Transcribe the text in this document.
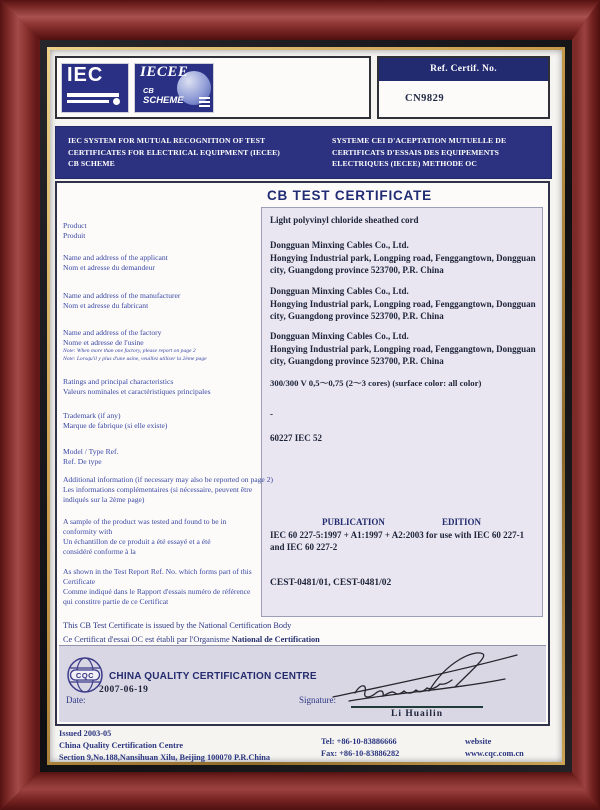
IEC IECEE
CB
SCHEME
Ref. Certif. No.
CN9829
IEC SYSTEM FOR MUTUAL RECOGNITION OF TEST CERTIFICATES FOR ELECTRICAL EQUIPMENT (IECEE) CB SCHEME
SYSTEME CEI D'ACEPTATION MUTUELLE DE CERTIFICATS D'ESSAIS DES EQUIPEMENTS ELECTRIQUES (IECEE) METHODE OC
CB TEST CERTIFICATE
Light polyvinyl chloride sheathed cord
Dongguan Minxing Cables Co., Ltd.
Hongying Industrial park, Longping road, Fenggangtown, Dongguan city, Guangdong province 523700, P.R. China
Dongguan Minxing Cables Co., Ltd.
Hongying Industrial park, Longping road, Fenggangtown, Dongguan city, Guangdong province 523700, P.R. China
Dongguan Minxing Cables Co., Ltd.
Hongying Industrial park, Longping road, Fenggangtown, Dongguan city, Guangdong province 523700, P.R. China
300/300 V 0,5～0,75 (2～3 cores) (surface color: all color)
-
60227 IEC 52
PUBLICATION	EDITION
IEC 60 227-5:1997 + A1:1997 + A2:2003 for use with IEC 60 227-1 and IEC 60 227-2
CEST-0481/01, CEST-0481/02
Product
Produit
Name and address of the applicant
Nom et adresse du demandeur
Name and address of the manufacturer
Nom et adresse du fabricant
Name and address of the factory
Nome et adresse de l'usine
Note: When more than one factory, please report on page 2
Note: Lorsqu'il y plus d'une usine, veuillez utiliser la 2ème page
Ratings and principal characteristics
Valeurs nominales et caractéristiques principales
Trademark (if any)
Marque de fabrique (si elle existe)
Model / Type Ref.
Ref. De type
Additional information (if necessary may also be reported on page 2)
Les informations complémentaires (si nécessaire, peuvent être indiqués sur la 2ème page)
A sample of the product was tested and found to be in conformity with
Un échantillon de ce produit a été essayé et a été considéré conforme à la
As shown in the Test Report Ref. No. which forms part of this Certificate
Comme indiqué dans le Rapport d'essais numéro de référence qui constitre partie de ce Certificat
This CB Test Certificate is issued by the National Certification Body
Ce Certificat d'essai OC est établi par l'Organisme National de Certification
CQC CHINA QUALITY CERTIFICATION CENTRE
Date:
2007-06-19
Signature:
Li Huailin
Issued 2003-05
China Quality Certification Centre
Section 9,No.188,Nansihuan Xilu, Beijing 100070 P.R.China
Tel: +86-10-83886666
Fax: +86-10-83886282
website
www.cqc.com.cn
